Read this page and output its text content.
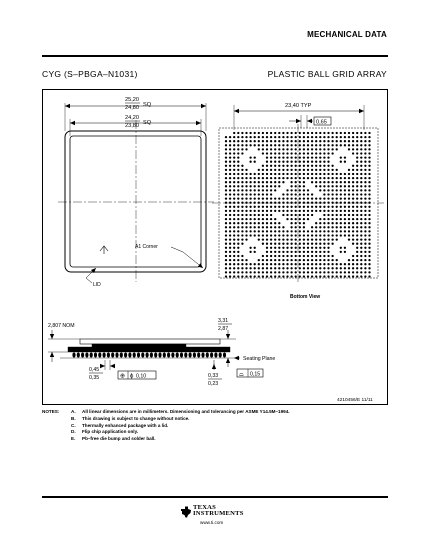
MECHANICAL DATA
CYG (S–PBGA–N1031)	PLASTIC BALL GRID ARRAY
25,20
24,80 SQ
24,20
23,80 SQ
A1 Corner
LID
23,40 TYP
0,65
Bottom View
2,807 NOM
3,31
2,87
Seating Plane
0,45
0,35	⊕ ϕ 0,10	0,33
0,23
⌓ 0,15
4210456/E 11/11
NOTES:	A. All linear dimensions are in millimeters. Dimensioning and tolerancing per ASME Y14.5M–1994.
B. This drawing is subject to change without notice.
C. Thermally enhanced package with a lid.
D. Flip chip application only.
E. Pb–free die bump and solder ball.
TEXAS
INSTRUMENTS
www.ti.com
